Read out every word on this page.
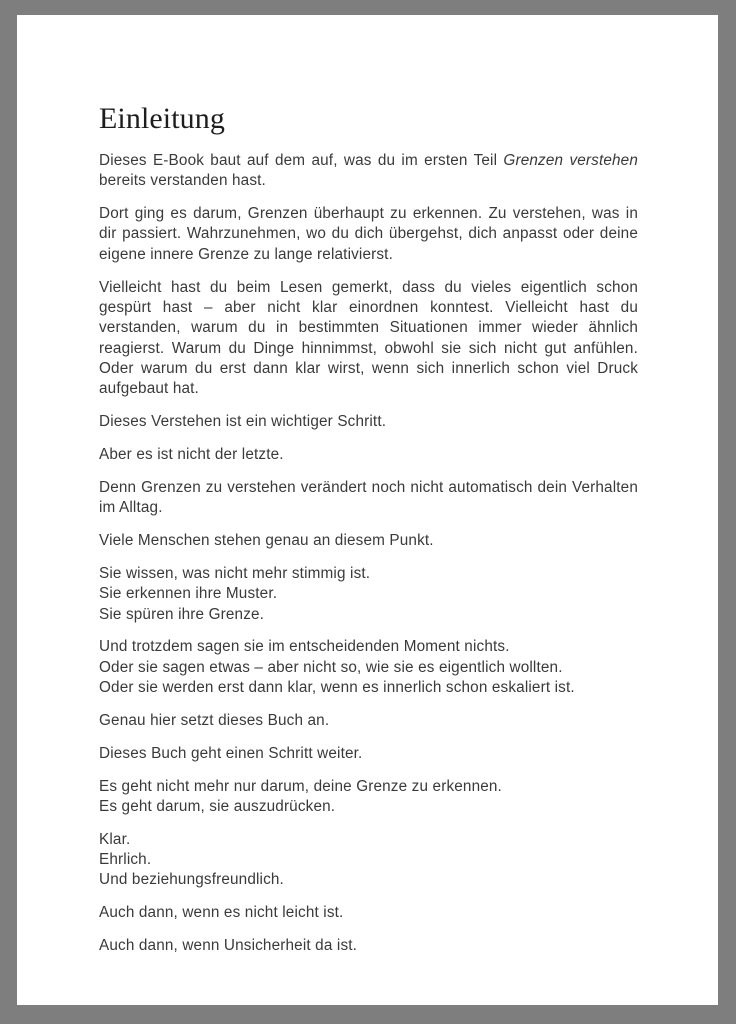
Einleitung

Dieses E-Book baut auf dem auf, was du im ersten Teil Grenzen verstehen bereits verstanden hast.

Dort ging es darum, Grenzen überhaupt zu erkennen. Zu verstehen, was in dir passiert. Wahrzunehmen, wo du dich übergehst, dich anpasst oder deine eigene innere Grenze zu lange relativierst.

Vielleicht hast du beim Lesen gemerkt, dass du vieles eigentlich schon gespürt hast – aber nicht klar einordnen konntest. Vielleicht hast du verstanden, warum du in bestimmten Situationen immer wieder ähnlich reagierst. Warum du Dinge hinnimmst, obwohl sie sich nicht gut anfühlen. Oder warum du erst dann klar wirst, wenn sich innerlich schon viel Druck aufgebaut hat.

Dieses Verstehen ist ein wichtiger Schritt.

Aber es ist nicht der letzte.

Denn Grenzen zu verstehen verändert noch nicht automatisch dein Verhalten im Alltag.

Viele Menschen stehen genau an diesem Punkt.

Sie wissen, was nicht mehr stimmig ist.
Sie erkennen ihre Muster.
Sie spüren ihre Grenze.

Und trotzdem sagen sie im entscheidenden Moment nichts.
Oder sie sagen etwas – aber nicht so, wie sie es eigentlich wollten.
Oder sie werden erst dann klar, wenn es innerlich schon eskaliert ist.

Genau hier setzt dieses Buch an.

Dieses Buch geht einen Schritt weiter.

Es geht nicht mehr nur darum, deine Grenze zu erkennen.
Es geht darum, sie auszudrücken.

Klar.
Ehrlich.
Und beziehungsfreundlich.

Auch dann, wenn es nicht leicht ist.

Auch dann, wenn Unsicherheit da ist.
